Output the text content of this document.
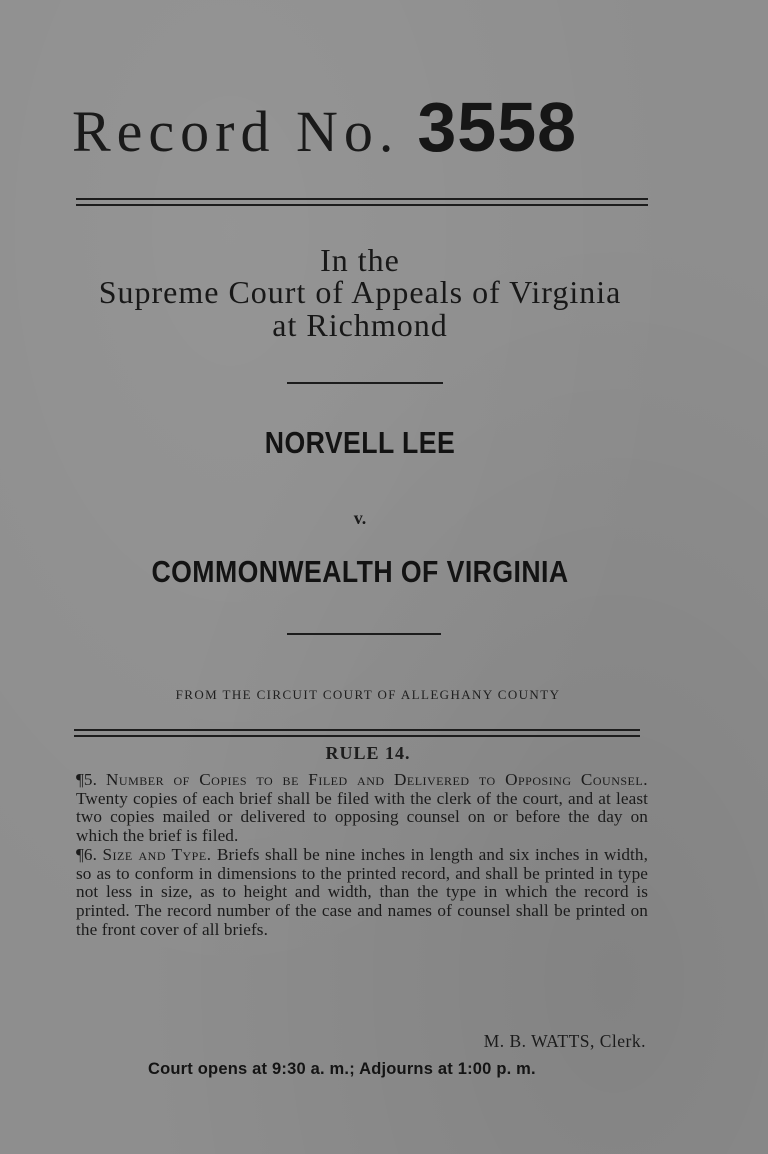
Record No. 3558
In the
Supreme Court of Appeals of Virginia
at Richmond
NORVELL LEE
v.
COMMONWEALTH OF VIRGINIA
FROM THE CIRCUIT COURT OF ALLEGHANY COUNTY
RULE 14.

¶5. Number of Copies to be Filed and Delivered to Opposing Counsel. Twenty copies of each brief shall be filed with the clerk of the court, and at least two copies mailed or delivered to opposing counsel on or before the day on which the brief is filed.

¶6. Size and Type. Briefs shall be nine inches in length and six inches in width, so as to conform in dimensions to the printed record, and shall be printed in type not less in size, as to height and width, than the type in which the record is printed. The record number of the case and names of counsel shall be printed on the front cover of all briefs.

M. B. WATTS, Clerk.
Court opens at 9:30 a. m.; Adjourns at 1:00 p. m.
